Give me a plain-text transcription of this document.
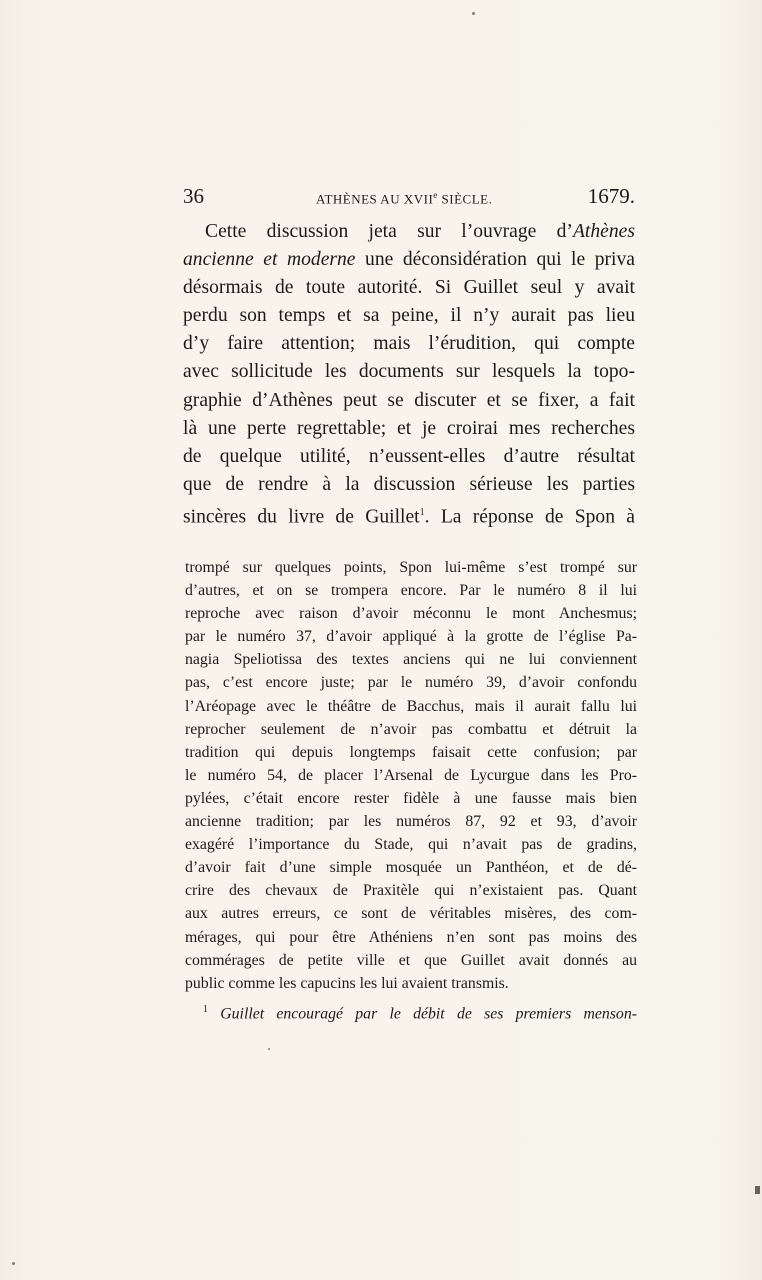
36	ATHÈNES AU XVIIe SIÈCLE.	1679.
Cette discussion jeta sur l’ouvrage d’Athènes
ancienne et moderne une déconsidération qui le priva
désormais de toute autorité. Si Guillet seul y avait
perdu son temps et sa peine, il n’y aurait pas lieu
d’y faire attention; mais l’érudition, qui compte
avec sollicitude les documents sur lesquels la topo-
graphie d’Athènes peut se discuter et se fixer, a fait
là une perte regrettable; et je croirai mes recherches
de quelque utilité, n’eussent-elles d’autre résultat
que de rendre à la discussion sérieuse les parties
sincères du livre de Guillet$^1$. La réponse de Spon à
trompé sur quelques points, Spon lui-même s’est trompé sur
d’autres, et on se trompera encore. Par le numéro 8 il lui
reproche avec raison d’avoir méconnu le mont Anchesmus;
par le numéro 37, d’avoir appliqué à la grotte de l’église Pa-
nagia Speliotissa des textes anciens qui ne lui conviennent
pas, c’est encore juste; par le numéro 39, d’avoir confondu
l’Aréopage avec le théâtre de Bacchus, mais il aurait fallu lui
reprocher seulement de n’avoir pas combattu et détruit la
tradition qui depuis longtemps faisait cette confusion; par
le numéro 54, de placer l’Arsenal de Lycurgue dans les Pro-
pylées, c’était encore rester fidèle à une fausse mais bien
ancienne tradition; par les numéros 87, 92 et 93, d’avoir
exagéré l’importance du Stade, qui n’avait pas de gradins,
d’avoir fait d’une simple mosquée un Panthéon, et de dé-
crire des chevaux de Praxitèle qui n’existaient pas. Quant
aux autres erreurs, ce sont de véritables misères, des com-
mérages, qui pour être Athéniens n’en sont pas moins des
commérages de petite ville et que Guillet avait donnés au
public comme les capucins les lui avaient transmis.
$^1$ Guillet encouragé par le débit de ses premiers menson-
